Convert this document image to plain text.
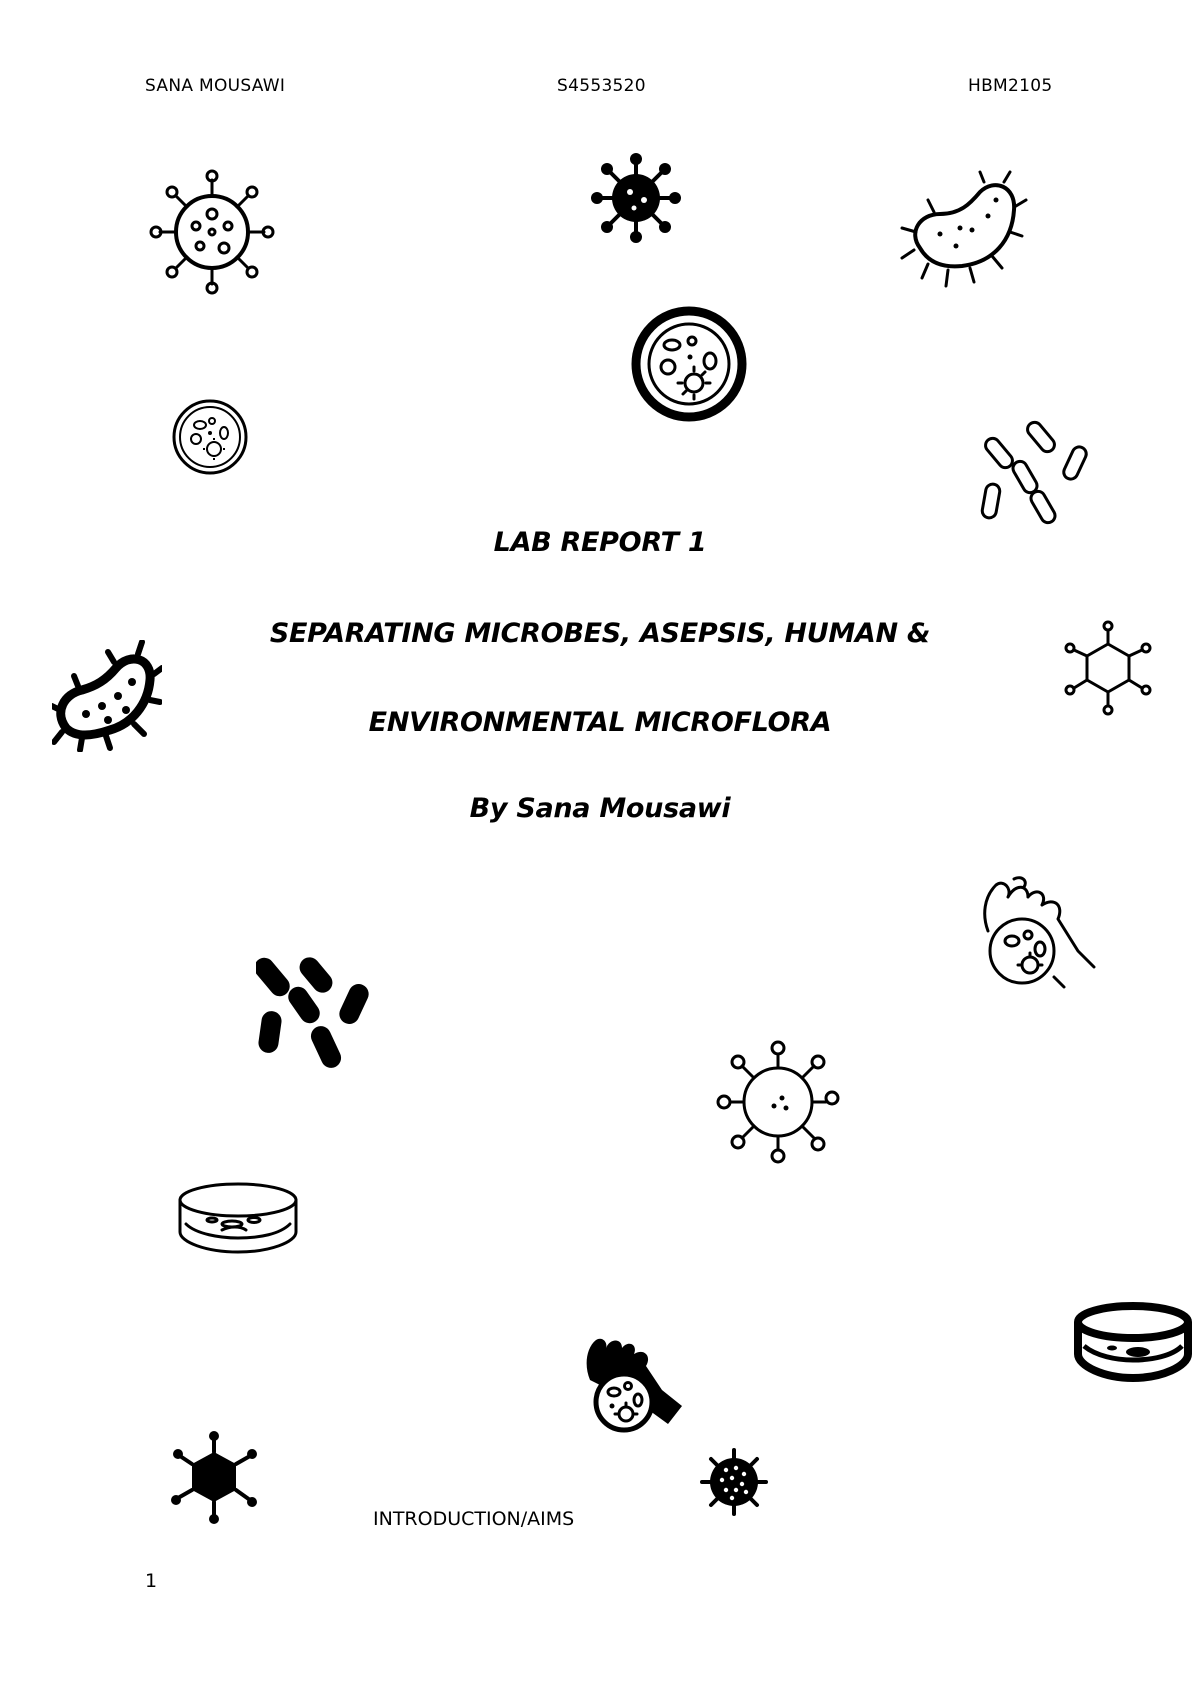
SANA MOUSAWI	S4553520	HBM2105
LAB REPORT 1
SEPARATING MICROBES, ASEPSIS, HUMAN &
ENVIRONMENTAL MICROFLORA
By Sana Mousawi
INTRODUCTION/AIMS
1
